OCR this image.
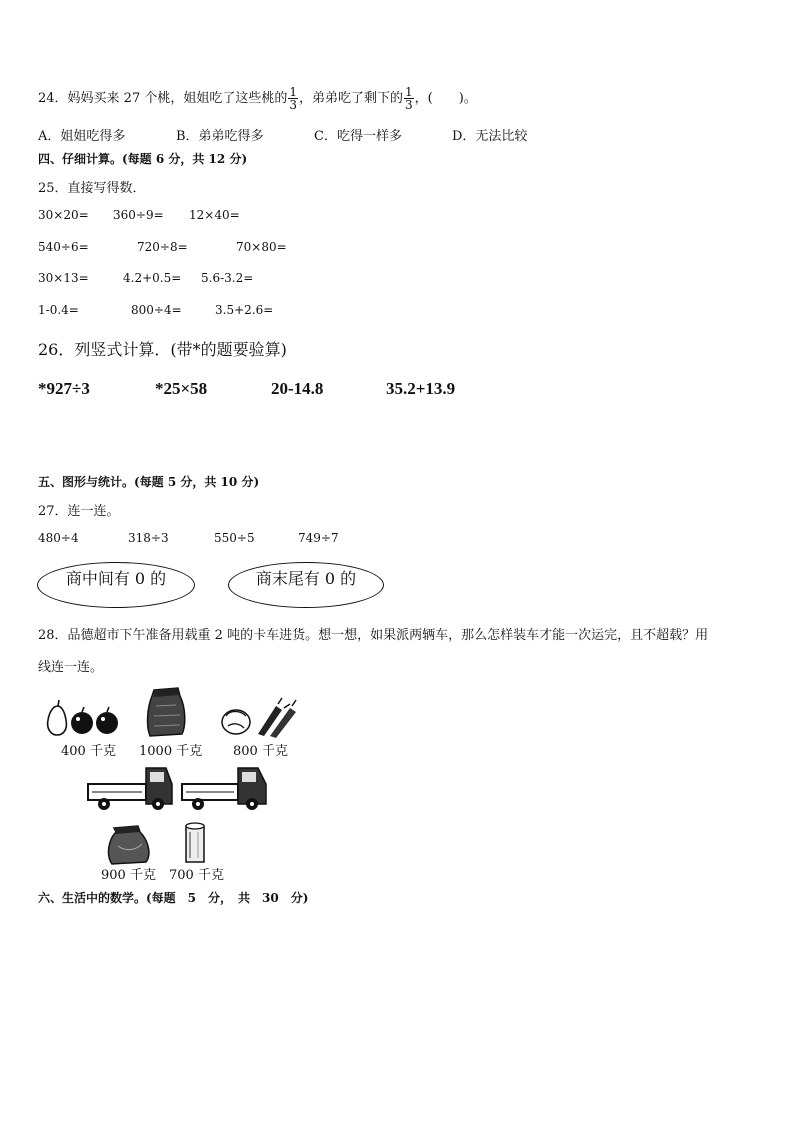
24．妈妈买来 27 个桃，姐姐吃了这些桃的 $\frac{1}{3}$ ，弟弟吃了剩下的 $\frac{1}{3}$ ，(　　)。
A．姐姐吃得多	B．弟弟吃得多	C．吃得一样多	D．无法比较
四、仔细计算。(每题 6 分，共 12 分)
25．直接写得数．
30×20= 360÷9= 12×40=
540÷6=	720÷8=	70×80=
30×13=	4.2+0.5= 5.6-3.2=
1-0.4=	800÷4=	3.5+2.6=
26．列竖式计算．(带*的题要验算)
*927÷3	*25×58	20-14.8	35.2+13.9
五、图形与统计。(每题 5 分，共 10 分)
27．连一连。
480÷4	318÷3	550÷5	749÷7
商中间有 0 的	商末尾有 0 的
28．品德超市下午准备用载重 2 吨的卡车进货。想一想，如果派两辆车，那么怎样装车才能一次运完，且不超载？用
线连一连。
400 千克 1000 千克 800 千克
900 千克 700 千克
六、生活中的数学。(每题　5　分，　共　30　分)
